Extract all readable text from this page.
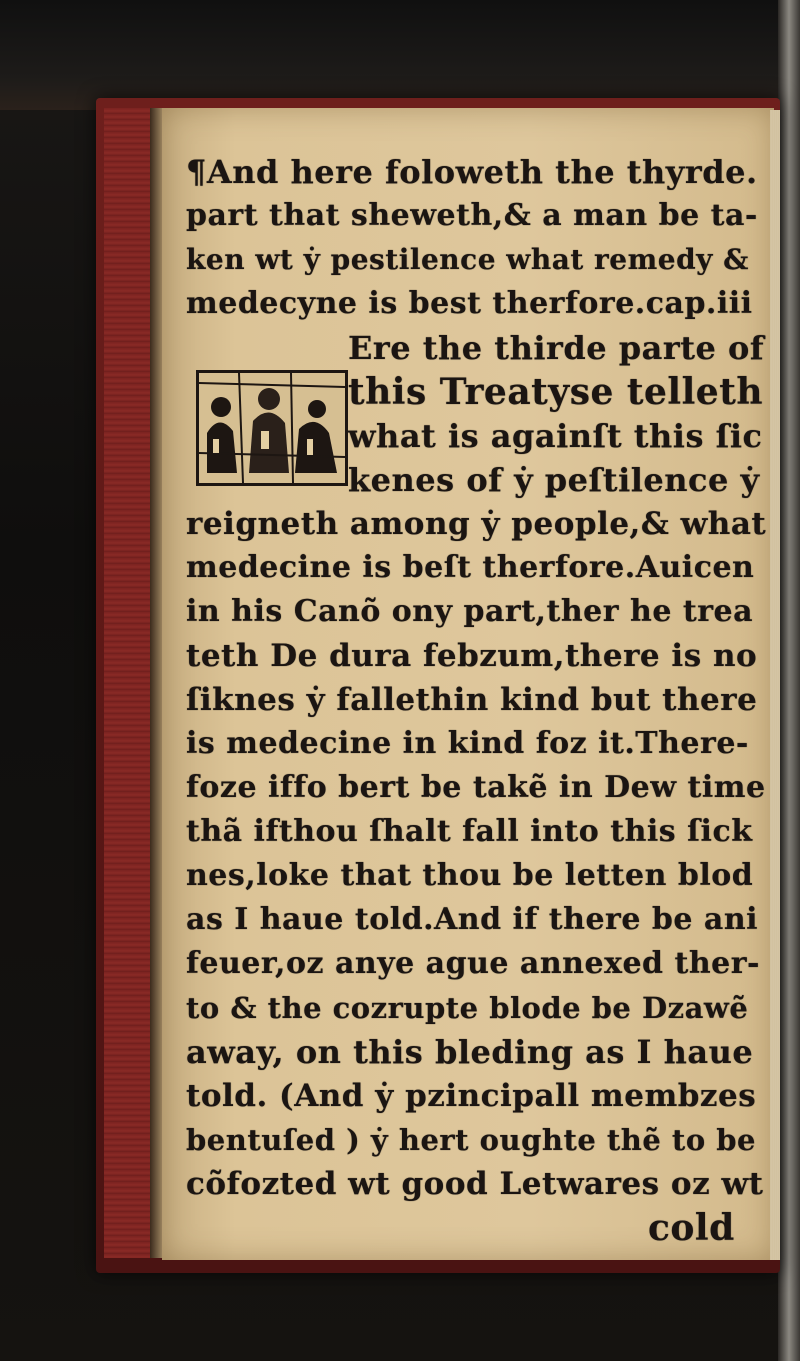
¶And here foloweth the thyrde.
part that sheweth,& a man be ta-
ken wt ẏ pestilence what remedy &
medecyne is best therfore.cap.iii
Ere the thirde parte of
this Treatyse telleth
what is againſt this ſic
kenes of ẏ peſtilence ẏ
reigneth among ẏ people,& what
medecine is beſt therfore.Auicen
in his Canõ ony part,ther he trea
teth De dura febzum,there is no
ſiknes ẏ fallethin kind but there
is medecine in kind foz it.There-
foze iffo bert be takẽ in Dew time
thã ifthou ſhalt fall into this ſick
nes,loke that thou be letten blod
as I haue told.And if there be ani
feuer,oz anye ague annexed ther-
to & the cozrupte blode be Dzawẽ
away, on this bleding as I haue
told. (And ẏ pzincipall membzes
bentuſed ) ẏ hert oughte thẽ to be
cõfozted wt good Letwares oz wt
cold
